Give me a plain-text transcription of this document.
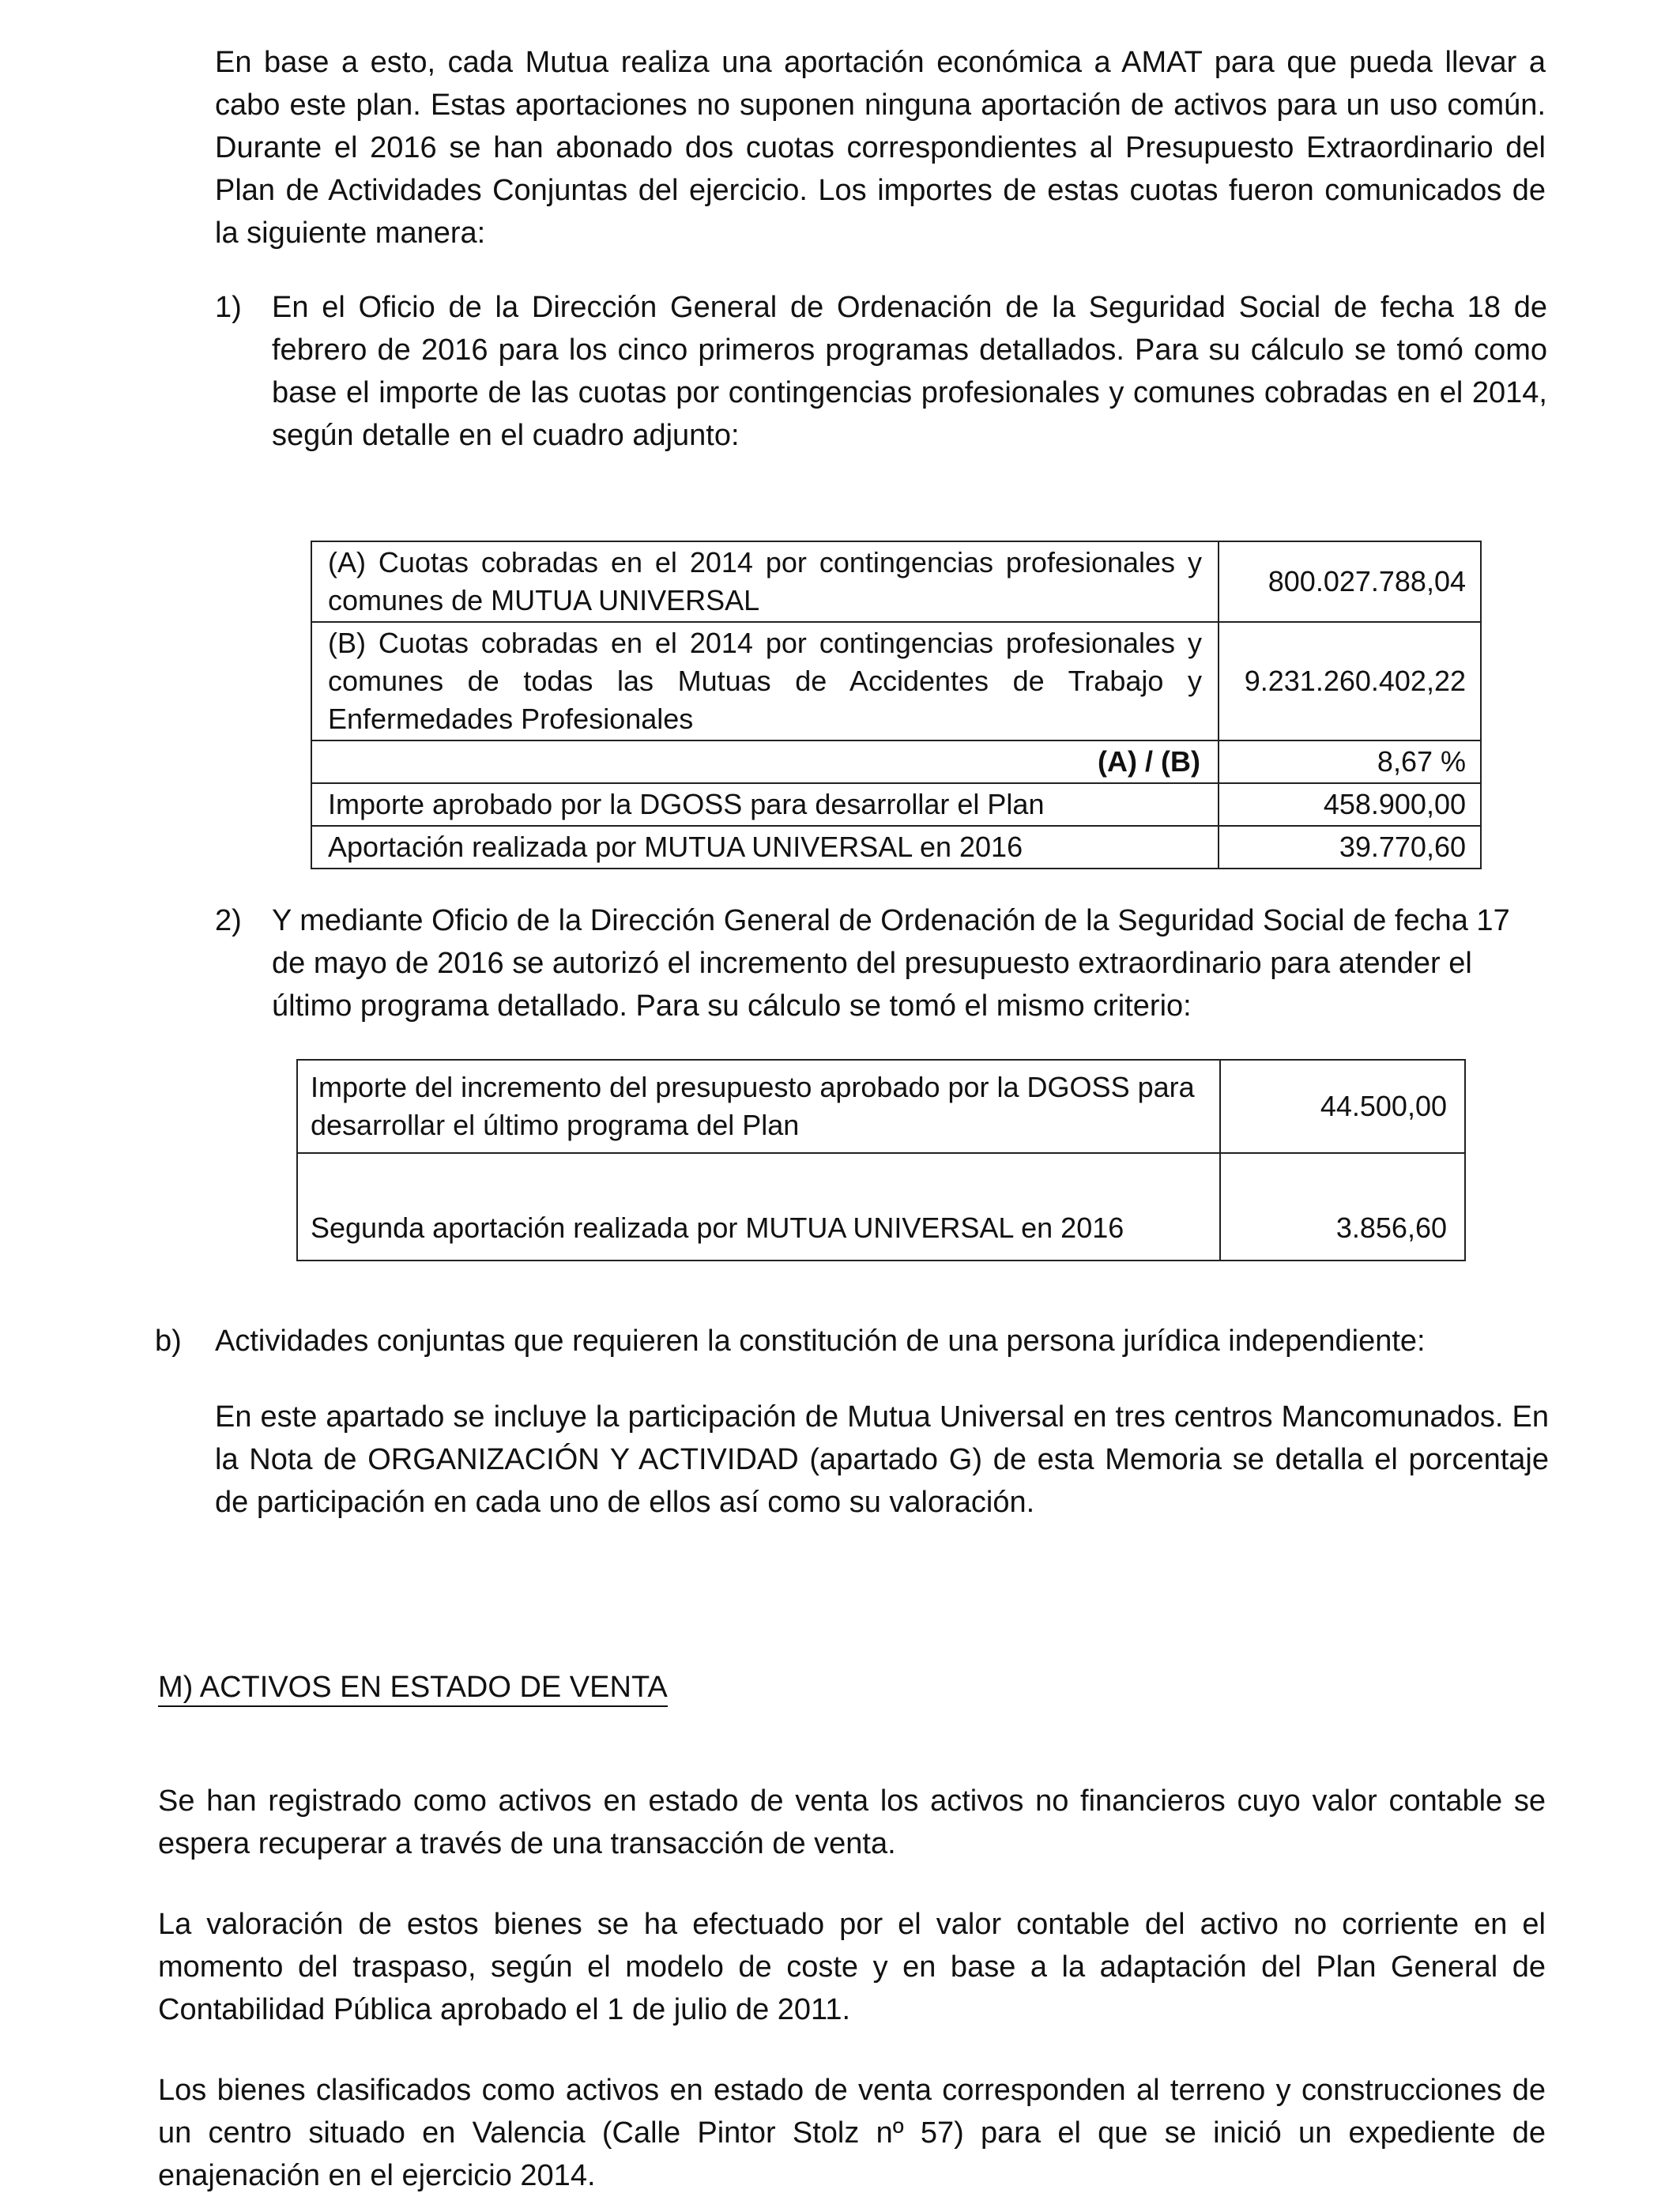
En base a esto, cada Mutua realiza una aportación económica a AMAT para que pueda llevar a cabo este plan. Estas aportaciones no suponen ninguna aportación de activos para un uso común. Durante el 2016 se han abonado dos cuotas correspondientes al Presupuesto Extraordinario del Plan de Actividades Conjuntas del ejercicio. Los importes de estas cuotas fueron comunicados de la siguiente manera:

1)	En el Oficio de la Dirección General de Ordenación de la Seguridad Social de fecha 18 de febrero de 2016 para los cinco primeros programas detallados. Para su cálculo se tomó como base el importe de las cuotas por contingencias profesionales y comunes cobradas en el 2014, según detalle en el cuadro adjunto:

(A) Cuotas cobradas en el 2014 por contingencias profesionales y comunes de MUTUA UNIVERSAL	800.027.788,04
(B) Cuotas cobradas en el 2014 por contingencias profesionales y comunes de todas las Mutuas de Accidentes de Trabajo y Enfermedades Profesionales	9.231.260.402,22
(A) / (B)	8,67 %
Importe aprobado por la DGOSS para desarrollar el Plan	458.900,00
Aportación realizada por MUTUA UNIVERSAL en 2016	39.770,60
2)	Y mediante Oficio de la Dirección General de Ordenación de la Seguridad Social de fecha 17 de mayo de 2016 se autorizó el incremento del presupuesto extraordinario para atender el último programa detallado. Para su cálculo se tomó el mismo criterio:

Importe del incremento del presupuesto aprobado por la DGOSS para desarrollar el último programa del Plan	44.500,00
Segunda aportación realizada por MUTUA UNIVERSAL en 2016	3.856,60
b)	Actividades conjuntas que requieren la constitución de una persona jurídica independiente:

En este apartado se incluye la participación de Mutua Universal en tres centros Mancomunados. En la Nota de ORGANIZACIÓN Y ACTIVIDAD (apartado G) de esta Memoria se detalla el porcentaje de participación en cada uno de ellos así como su valoración.

M) ACTIVOS EN ESTADO DE VENTA

Se han registrado como activos en estado de venta los activos no financieros cuyo valor contable se espera recuperar a través de una transacción de venta.

La valoración de estos bienes se ha efectuado por el valor contable del activo no corriente en el momento del traspaso, según el modelo de coste y en base a la adaptación del Plan General de Contabilidad Pública aprobado el 1 de julio de 2011.

Los bienes clasificados como activos en estado de venta corresponden al terreno y construcciones de un centro situado en Valencia (Calle Pintor Stolz nº 57) para el que se inició un expediente de enajenación en el ejercicio 2014.
